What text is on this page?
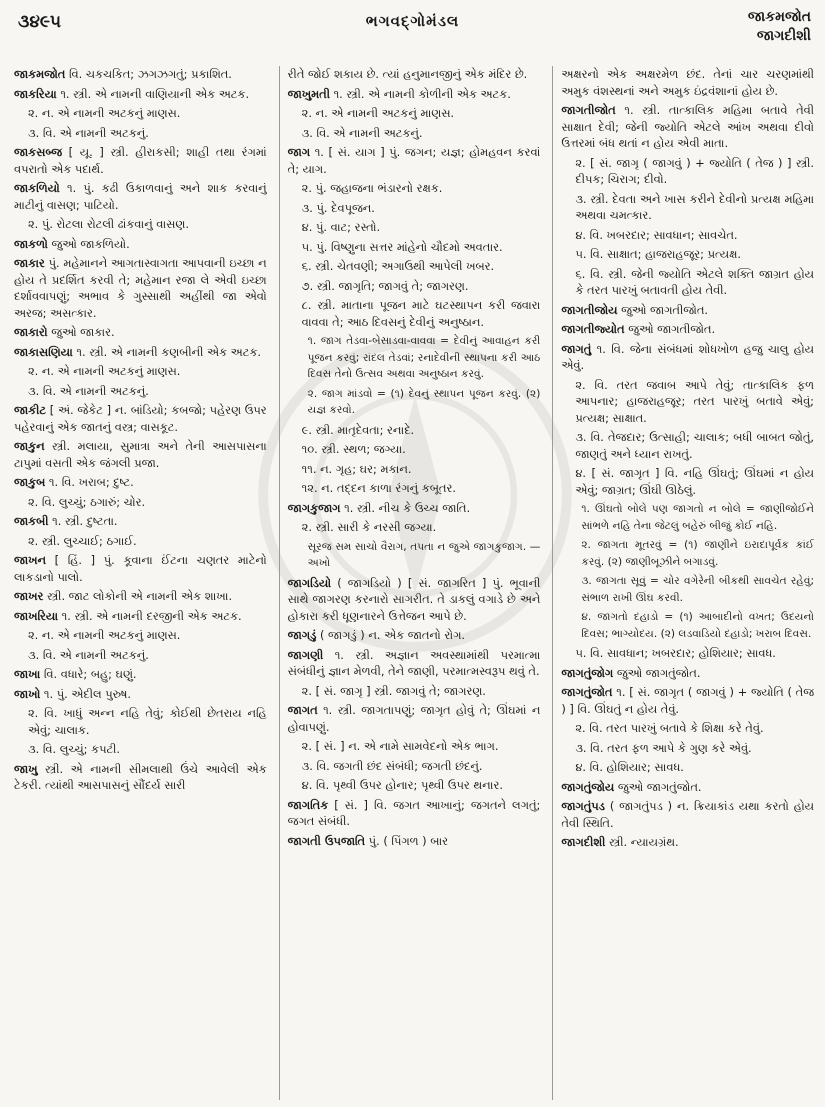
૩૪૯૫	ભગવદ્ગોમંડલ	જાકમજોત
જાગદીશી
જાકમજોત વિ. ચકચકિત; ઝગઝગતું; પ્રકાશિત.
જાકરિયા ૧. સ્ત્રી. એ નામની વાણિયાની એક અટક.
૨. ન. એ નામની અટકનું માણસ.
૩. વિ. એ નામની અટકનું.
જાકસબ્જ [ યૂ. ] સ્ત્રી. હીરાકસી; શાહી તથા રંગમાં વપરાતો એક પદાર્થ.
જાકળિયો ૧. પું. કઢી ઉકાળવાનું અને શાક કરવાનું માટીનું વાસણ; પાટિયો.
૨. પું. રોટલા રોટલી ઢાંકવાનું વાસણ.
જાકળો જુઓ જાકળિયો.
જાકાર પું. મહેમાનને આગતાસ્વાગતા આપવાની ઇચ્છા ન હોય તે પ્રદર્શિત કરવી તે; મહેમાન રજા લે એવી ઇચ્છા દર્શાવવાપણું; અભાવ કે ગુસ્સાથી અહીંથી જા એવો અરજ; અસત્કાર.
જાકારો જુઓ જાકાર.
જાકાસણિયા ૧. સ્ત્રી. એ નામની કણબીની એક અટક.
૨. ન. એ નામની અટકનું માણસ.
૩. વિ. એ નામની અટકનું.
જાકીટ [ અં. જેકેટ ] ન. બાંડિયો; કબજો; પહેરણ ઉપર પહેરવાનું એક જાતનું વસ્ત્ર; વાસકૂટ.
જાકુન સ્ત્રી. મલાયા, સુમાત્રા અને તેની આસપાસના ટાપુમાં વસતી એક જંગલી પ્રજા.
જાકુબ ૧. વિ. ખરાબ; દુષ્ટ.
૨. વિ. લુચ્ચું; ઠગારું; ચોર.
જાકબી ૧. સ્ત્રી. દુષ્ટતા.
૨. સ્ત્રી. લુચ્ચાઈ; ઠગાઈ.
જાખન [ હિં. ] પું. કૂવાના ઈંટના ચણતર માટેનો લાકડાનો પાલો.
જાખર સ્ત્રી. જાટ લોકોની એ નામની એક શાખા.
જાખરિયા ૧. સ્ત્રી. એ નામની દરજીની એક અટક.
૨. ન. એ નામની અટકનું માણસ.
૩. વિ. એ નામની અટકનું.
જાખા વિ. વધારે; બહુ; ઘણું.
જાખો ૧. પું. એદીલ પુરુષ.
૨. વિ. ખાધું અન્ન નહિ તેવું; કોઈથી છેતરાય નહિ એવું; ચાલાક.
૩. વિ. લુચ્ચું; કપટી.
જાખુ સ્ત્રી. એ નામની સીમલાથી ઉંચે આવેલી એક ટેકરી. ત્યાંથી આસપાસનું સૌંદર્ય સારી
રીતે જોઈ શકાય છે. ત્યાં હનુમાનજીનું એક મંદિર છે.
જાખુમતી ૧. સ્ત્રી. એ નામની કોળીની એક અટક.
૨. ન. એ નામની અટકનું માણસ.
૩. વિ. એ નામની અટકનું.
જાગ ૧. [ સં. યાગ ] પું. જગન; યજ્ઞ; હોમહવન કરવાં તે; યાગ.
૨. પું. જહાજના ભંડારનો રક્ષક.
૩. પું. દેવપૂજન.
૪. પું. વાટ; રસ્તો.
૫. પું. વિષ્ણુના સત્તર માંહેનો ચૌદમો અવતાર.
૬. સ્ત્રી. ચેતવણી; અગાઉથી આપેલી ખબર.
૭. સ્ત્રી. જાગૃતિ; જાગવું તે; જાગરણ.
૮. સ્ત્રી. માતાના પૂજન માટે ઘટસ્થાપન કરી જવારા વાવવા તે; આઠ દિવસનું દેવીનું અનુષ્ઠાન.
૧. જાગ તેડવા-બેસાડવા-વાવવા = દેવીનું આવાહન કરી પૂજન કરવું; રાંદલ તેડવાં; રનાદેવીની સ્થાપના કરી આઠ દિવસ તેનો ઉત્સવ અથવા અનુષ્ઠાન કરવું.
૨. જાગ માંડવો = (૧) દેવનું સ્થાપન પૂજન કરવું. (૨) યજ્ઞ કરવો.
૯. સ્ત્રી. માતૃદેવતા; રનાદે.
૧૦. સ્ત્રી. સ્થળ; જગ્યા.
૧૧. ન. ગૃહ; ઘર; મકાન.
૧૨. ન. તદ્દન કાળા રંગનું કબૂતર.
જાગકુજાગ ૧. સ્ત્રી. નીચ કે ઉચ્ચ જાતિ.
૨. સ્ત્રી. સારી કે નરસી જગ્યા.
સૂરજ સમ સાચો વૈરાગ, તપતા ન જુએ જાગકુજાગ. — અખો
જાગડિયો ( જાગડિયો ) [ સં. જાગરિત ] પું. ભૂવાની સાથે જાગરણ કરનારો સાગરીત. તે ડાકલું વગાડે છે અને હોકારા કરી ધૂણનારને ઉત્તેજન આપે છે.
જાગડું ( જાગડું ) ન. એક જાતનો રોગ.
જાગણી ૧. સ્ત્રી. અજ્ઞાન અવસ્થામાંથી પરમાત્મા સંબંધીનું જ્ઞાન મેળવી, તેને જાણી, પરમાત્મસ્વરૂપ થવું તે.
૨. [ સં. જાગૃ ] સ્ત્રી. જાગવું તે; જાગરણ.
જાગત ૧. સ્ત્રી. જાગતાપણું; જાગૃત હોવું તે; ઊંઘમાં ન હોવાપણું.
૨. [ સં. ] ન. એ નામે સામવેદનો એક ભાગ.
૩. વિ. જગતી છંદ સંબંધી; જગતી છંદનું.
૪. વિ. પૃથ્વી ઉપર હોનાર; પૃથ્વી ઉપર થનાર.
જાગતિક [ સં. ] વિ. જગત આખાનું; જગતને લગતું; જગત સંબંધી.
જાગતી ઉપજાતિ પું. ( પિંગળ ) બાર
અક્ષરનો એક અક્ષરમેળ છંદ. તેનાં ચાર ચરણમાંથી અમુક વંશસ્થનાં અને અમુક ઇંદ્રવંશાનાં હોય છે.
જાગતીજોત ૧. સ્ત્રી. તાત્કાલિક મહિમા બતાવે તેવી સાક્ષાત દેવી; જેની જ્યોતિ એટલે આંખ અથવા દીવો ઉત્તરમાં બંધ થતાં ન હોય એવી માતા.
૨. [ સં. જાગૃ ( જાગવું ) + જ્યોતિ ( તેજ ) ] સ્ત્રી. દીપક; ચિરાગ; દીવો.
૩. સ્ત્રી. દેવતા અને ખાસ કરીને દેવીનો પ્રત્યક્ષ મહિમા અથવા ચમત્કાર.
૪. વિ. ખબરદાર; સાવધાન; સાવચેત.
૫. વિ. સાક્ષાત; હાજરાહજૂર; પ્રત્યક્ષ.
૬. વિ. સ્ત્રી. જેની જ્યોતિ એટલે શક્તિ જાગ્રત હોય કે તરત પારખું બતાવતી હોય તેવી.
જાગતીજોય જુઓ જાગતીજોત.
જાગતીજ્યોત જુઓ જાગતીજોત.
જાગતું ૧. વિ. જેના સંબંધમાં શોધખોળ હજુ ચાલુ હોય એવું.
૨. વિ. તરત જવાબ આપે તેવું; તાત્કાલિક ફળ આપનાર; હાજરાહજૂર; તરત પારખું બતાવે એવું; પ્રત્યક્ષ; સાક્ષાત.
૩. વિ. તેજદાર; ઉત્સાહી; ચાલાક; બધી બાબત જોતું, જાણતું અને ધ્યાન રાખતું.
૪. [ સં. જાગૃત ] વિ. નહિ ઊંઘતું; ઊંઘમાં ન હોય એવું; જાગ્રત; ઊંઘી ઊઠેલું.
૧. ઊંઘતો બોલે પણ જાગતો ન બોલે = જાણીજોઈને સાંભળે નહિ તેના જેટલું બહેરું બીજું કોઈ નહિ.
૨. જાગતા મૂતરવું = (૧) જાણીને ઇરાદાપૂર્વક કાંઈ કરવું. (૨) જાણીબૂઝીને બગાડવું.
૩. જાગતા સૂવું = ચોર વગેરેની બીકથી સાવચેત રહેવું; સંભાળ રાખી ઊંઘ કરવી.
૪. જાગતો દહાડો = (૧) આબાદીનો વખત; ઉદયનો દિવસ; ભાગ્યોદય. (૨) લડવાડિયો દહાડો; ખરાબ દિવસ.
૫. વિ. સાવધાન; ખબરદાર; હોશિયાર; સાવધ.
જાગતુંજોગ જુઓ જાગતુંજોત.
જાગતુંજોત ૧. [ સં. જાગૃત ( જાગવું ) + જ્યોતિ ( તેજ ) ] વિ. ઊંઘતું ન હોય તેવું.
૨. વિ. તરત પારખું બતાવે કે શિક્ષા કરે તેવું.
૩. વિ. તરત ફળ આપે કે ગુણ કરે એવું.
૪. વિ. હોશિયાર; સાવધ.
જાગતુંજોય જુઓ જાગતુંજોત.
જાગતુંપડ ( જાગતુંપડ ) ન. ક્રિયાકાંડ યથા કરતો હોય તેવી સ્થિતિ.
જાગદીશી સ્ત્રી. ન્યાયગ્રંથ.
